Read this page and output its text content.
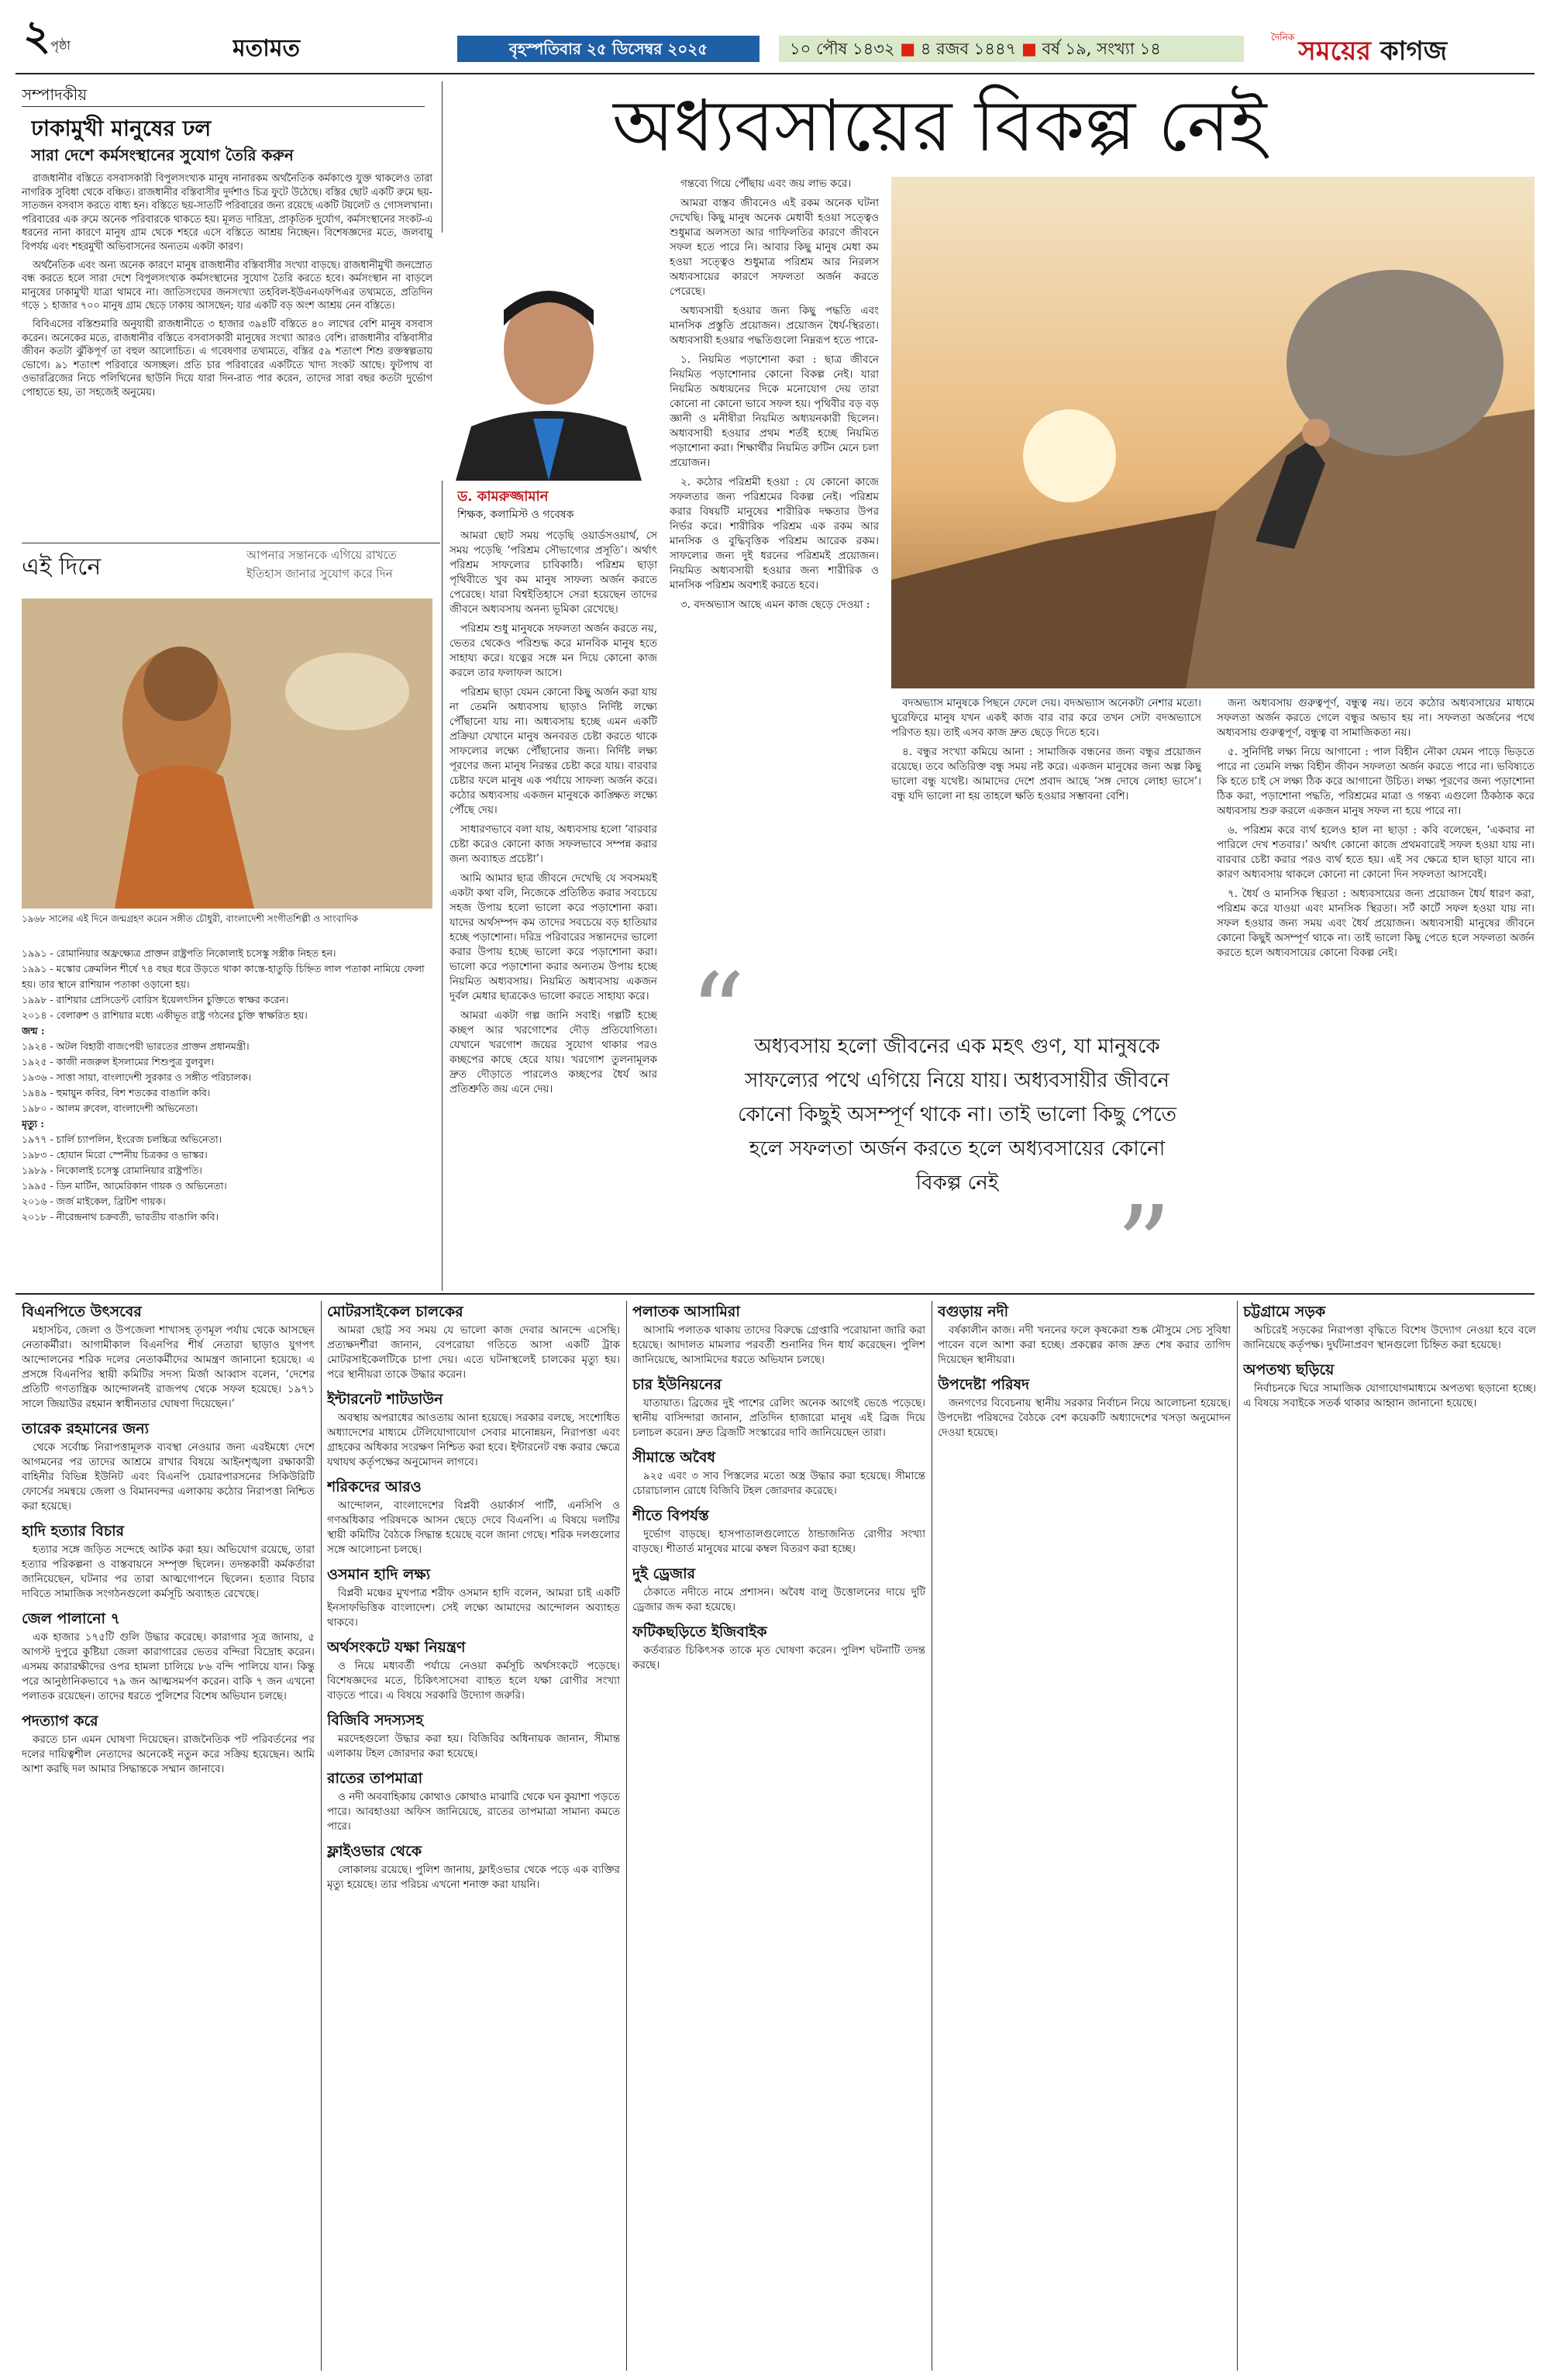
২পৃষ্ঠা	মতামত	বৃহস্পতিবার ২৫ ডিসেম্বর ২০২৫	১০ পৌষ ১৪৩২ ■ ৪ রজব ১৪৪৭ ■ বর্ষ ১৯, সংখ্যা ১৪
$^{দৈনিক}$ সময়ের কাগজ
সম্পাদকীয়
ঢাকামুখী মানুষের ঢল
সারা দেশে কর্মসংস্থানের সুযোগ তৈরি করুন

রাজধানীর বস্তিতে বসবাসকারী বিপুলসংখ্যক মানুষ নানারকম অর্থনৈতিক কর্মকাণ্ডে যুক্ত থাকলেও তারা নাগরিক সুবিধা থেকে বঞ্চিত। রাজধানীর বস্তিবাসীর দুর্দশাও চিত্র ফুটে উঠেছে। বস্তির ছোট একটি রুমে ছয়-সাতজন বসবাস করতে বাধ্য হন। বস্তিতে ছয়-সাতটি পরিবারের জন্য রয়েছে একটি টয়লেট ও গোসলখানা। পরিবারের এক রুমে অনেক পরিবারকে থাকতে হয়। মূলত দারিদ্র্য, প্রাকৃতিক দুর্যোগ, কর্মসংস্থানের সংকট-এ ধরনের নানা কারণে মানুষ গ্রাম থেকে শহরে এসে বস্তিতে আশ্রয় নিচ্ছেন। বিশেষজ্ঞদের মতে, জলবায়ু বিপর্যয় এবং শহরমুখী অভিবাসনের অন্যতম একটা কারণ।

অর্থনৈতিক এবং অন্য অনেক কারণে মানুষ রাজধানীর বস্তিবাসীর সংখ্যা বাড়ছে। রাজধানীমুখী জনস্রোত বন্ধ করতে হলে সারা দেশে বিপুলসংখ্যক কর্মসংস্থানের সুযোগ তৈরি করতে হবে। কর্মসংস্থান না বাড়লে মানুষের ঢাকামুখী যাত্রা থামবে না। জাতিসংঘের জনসংখ্যা তহবিল-ইউএনএফপিএর তথ্যমতে, প্রতিদিন গড়ে ১ হাজার ৭০০ মানুষ গ্রাম ছেড়ে ঢাকায় আসছেন; যার একটি বড় অংশ আশ্রয় নেন বস্তিতে।

বিবিএসের বস্তিশুমারি অনুযায়ী রাজধানীতে ৩ হাজার ৩৯৪টি বস্তিতে ৪০ লাখের বেশি মানুষ বসবাস করেন। অনেকের মতে, রাজধানীর বস্তিতে বসবাসকারী মানুষের সংখ্যা আরও বেশি। রাজধানীর বস্তিবাসীর জীবন কতটা ঝুঁকিপূর্ণ তা বহুল আলোচিত। এ গবেষণার তথ্যমতে, বস্তির ৫৯ শতাংশ শিশু রক্তস্বল্পতায় ভোগে। ৯১ শতাংশ পরিবারে অসচ্ছল। প্রতি চার পরিবারের একটিতে খাদ্য সংকট আছে। ফুটপাথ বা ওভারব্রিজের নিচে পলিথিনের ছাউনি দিয়ে যারা দিন-রাত পার করেন, তাদের সারা বছর কতটা দুর্ভোগ পোহাতে হয়, তা সহজেই অনুমেয়।

এই দিনে	আপনার সন্তানকে এগিয়ে রাখতে
ইতিহাস জানার সুযোগ করে দিন
১৯৬৮ সালের এই দিনে জন্মগ্রহণ করেন সঙ্গীত চৌধুরী, বাংলাদেশী সংগীতশিল্পী ও সাংবাদিক

১৯৯১ - রোমানিয়ার অফ্রক্ষ্যেত্র প্রাক্তন রাষ্ট্রপতি নিকোলাই চসেস্কু সস্ত্রীক নিহত হন।

১৯৯১ - মস্কোর ক্রেমলিন শীর্ষে ৭৪ বছর ধরে উড়তে থাকা কাস্তে-হাতুড়ি চিহ্নিত লাল পতাকা নামিয়ে ফেলা হয়। তার স্থানে রাশিয়ান পতাকা ওড়ানো হয়।

১৯৯৮ - রাশিয়ার প্রেসিডেন্ট বোরিস ইয়েলৎসিন চুক্তিতে স্বাক্ষর করেন।

২০১৪ - বেলারুশ ও রাশিয়ার মধ্যে একীভূত রাষ্ট্র গঠনের চুক্তি স্বাক্ষরিত হয়।

জন্ম :

১৯২৪ - অটল বিহারী বাজপেয়ী ভারতের প্রাক্তন প্রধানমন্ত্রী।

১৯২৫ - কাজী নজরুল ইসলামের শিশুপুত্র বুলবুল।

১৯৩৬ - সাত্তা সায়া, বাংলাদেশী সুরকার ও সঙ্গীত পরিচালক।

১৯৪৯ - হুমায়ুন কবির, বিশ শতকের বাঙালি কবি।

১৯৮০ - আলম রুবেল, বাংলাদেশী অভিনেতা।

মৃত্যু :

১৯৭৭ - চার্লি চ্যাপলিন, ইংরেজ চলচ্চিত্র অভিনেতা।

১৯৮৩ - হোয়ান মিরো স্পেনীয় চিত্রকর ও ভাস্কর।

১৯৮৯ - নিকোলাই চসেস্কু রোমানিয়ার রাষ্ট্রপতি।

১৯৯৫ - ডিন মার্টিন, আমেরিকান গায়ক ও অভিনেতা।

২০১৬ - জর্জ মাইকেল, ব্রিটিশ গায়ক।

২০১৮ - নীরেন্দ্রনাথ চক্রবর্তী, ভারতীয় বাঙালি কবি।

অধ্যবসায়ের বিকল্প নেই
ড. কামরুজ্জামান
শিক্ষক, কলামিস্ট ও গবেষক

আমরা ছোট সময় পড়েছি ওয়ার্ডসওয়ার্থ, সে সময় পড়েছি ‘পরিশ্রম সৌভাগ্যের প্রসূতি’। অর্থাৎ পরিশ্রম সাফল্যের চাবিকাঠি। পরিশ্রম ছাড়া পৃথিবীতে খুব কম মানুষ সাফল্য অর্জন করতে পেরেছে। যারা বিশ্বইতিহাসে সেরা হয়েছেন তাদের জীবনে অধ্যবসায় অনন্য ভূমিকা রেখেছে।

পরিশ্রম শুধু মানুষকে সফলতা অর্জন করতে নয়, ভেতর থেকেও পরিশুদ্ধ করে মানবিক মানুষ হতে সাহায্য করে। যত্নের সঙ্গে মন দিয়ে কোনো কাজ করলে তার ফলাফল আসে।

পরিশ্রম ছাড়া যেমন কোনো কিছু অর্জন করা যায় না তেমনি অধ্যবসায় ছাড়াও নির্দিষ্ট লক্ষ্যে পৌঁছানো যায় না। অধ্যবসায় হচ্ছে এমন একটি প্রক্রিয়া যেখানে মানুষ অনবরত চেষ্টা করতে থাকে সাফল্যের লক্ষ্যে পৌঁছানোর জন্য। নির্দিষ্ট লক্ষ্য পূরণের জন্য মানুষ নিরন্তর চেষ্টা করে যায়। বারবার চেষ্টার ফলে মানুষ এক পর্যায়ে সাফল্য অর্জন করে। কঠোর অধ্যবসায় একজন মানুষকে কাঙ্ক্ষিত লক্ষ্যে পৌঁছে দেয়।

সাধারণভাবে বলা যায়, অধ্যবসায় হলো ‘বারবার চেষ্টা করেও কোনো কাজ সফলভাবে সম্পন্ন করার জন্য অব্যাহত প্রচেষ্টা’।

আমি আমার ছাত্র জীবনে দেখেছি যে সবসময়ই একটা কথা বলি, নিজেকে প্রতিষ্ঠিত করার সবচেয়ে সহজ উপায় হলো ভালো করে পড়াশোনা করা। যাদের অর্থসম্পদ কম তাদের সবচেয়ে বড় হাতিয়ার হচ্ছে পড়াশোনা। দরিদ্র পরিবারের সন্তানদের ভালো করার উপায় হচ্ছে ভালো করে পড়াশোনা করা। ভালো করে পড়াশোনা করার অন্যতম উপায় হচ্ছে নিয়মিত অধ্যবসায়। নিয়মিত অধ্যবসায় একজন দুর্বল মেধার ছাত্রকেও ভালো করতে সাহায্য করে।

আমরা একটা গল্প জানি সবাই। গল্পটি হচ্ছে কচ্ছপ আর খরগোশের দৌড় প্রতিযোগিতা। যেখানে খরগোশ জয়ের সুযোগ থাকার পরও কচ্ছপের কাছে হেরে যায়। খরগোশ তুলনামূলক দ্রুত দৌড়াতে পারলেও কচ্ছপের ধৈর্য আর প্রতিশ্রুতি জয় এনে দেয়।

গন্তব্যে গিয়ে পৌঁছায় এবং জয় লাভ করে।

আমরা বাস্তব জীবনেও এই রকম অনেক ঘটনা দেখেছি। কিছু মানুষ অনেক মেধাবী হওয়া সত্ত্বেও শুধুমাত্র অলসতা আর গাফিলতির কারণে জীবনে সফল হতে পারে নি। আবার কিছু মানুষ মেধা কম হওয়া সত্ত্বেও শুধুমাত্র পরিশ্রম আর নিরলস অধ্যবসায়ের কারণে সফলতা অর্জন করতে পেরেছে।

অধ্যবসায়ী হওয়ার জন্য কিছু পদ্ধতি এবং মানসিক প্রস্তুতি প্রয়োজন। প্রয়োজন ধৈর্য-স্থিরতা। অধ্যবসায়ী হওয়ার পদ্ধতিগুলো নিম্নরূপ হতে পারে-

১. নিয়মিত পড়াশোনা করা : ছাত্র জীবনে নিয়মিত পড়াশোনার কোনো বিকল্প নেই। যারা নিয়মিত অধ্যয়নের দিকে মনোযোগ দেয় তারা কোনো না কোনো ভাবে সফল হয়। পৃথিবীর বড় বড় জ্ঞানী ও মনীষীরা নিয়মিত অধ্যয়নকারী ছিলেন। অধ্যবসায়ী হওয়ার প্রথম শর্তই হচ্ছে নিয়মিত পড়াশোনা করা। শিক্ষার্থীর নিয়মিত রুটিন মেনে চলা প্রয়োজন।

২. কঠোর পরিশ্রমী হওয়া : যে কোনো কাজে সফলতার জন্য পরিশ্রমের বিকল্প নেই। পরিশ্রম করার বিষয়টি মানুষের শারীরিক দক্ষতার উপর নির্ভর করে। শারীরিক পরিশ্রম এক রকম আর মানসিক ও বুদ্ধিবৃত্তিক পরিশ্রম আরেক রকম। সাফল্যের জন্য দুই ধরনের পরিশ্রমই প্রয়োজন। নিয়মিত অধ্যবসায়ী হওয়ার জন্য শারীরিক ও মানসিক পরিশ্রম অবশ্যই করতে হবে।

৩. বদঅভ্যাস আছে এমন কাজ ছেড়ে দেওয়া :

বদঅভ্যাস মানুষকে পিছনে ফেলে দেয়। বদঅভ্যাস অনেকটা নেশার মতো। ঘুরেফিরে মানুষ যখন একই কাজ বার বার করে তখন সেটা বদঅভ্যাসে পরিণত হয়। তাই এসব কাজ দ্রুত ছেড়ে দিতে হবে।

৪. বন্ধুর সংখ্যা কমিয়ে আনা : সামাজিক বন্ধনের জন্য বন্ধুর প্রয়োজন রয়েছে। তবে অতিরিক্ত বন্ধু সময় নষ্ট করে। একজন মানুষের জন্য অল্প কিছু ভালো বন্ধু যথেষ্ট। আমাদের দেশে প্রবাদ আছে ‘সঙ্গ দোষে লোহা ভাসে’। বন্ধু যদি ভালো না হয় তাহলে ক্ষতি হওয়ার সম্ভাবনা বেশি।

জন্য অধ্যবসায় গুরুত্বপূর্ণ, বন্ধুত্ব নয়। তবে কঠোর অধ্যবসায়ের মাধ্যমে সফলতা অর্জন করতে গেলে বন্ধুর অভাব হয় না। সফলতা অর্জনের পথে অধ্যবসায় গুরুত্বপূর্ণ, বন্ধুত্ব বা সামাজিকতা নয়।

৫. সুনির্দিষ্ট লক্ষ্য নিয়ে আগানো : পাল বিহীন নৌকা যেমন পাড়ে ভিড়তে পারে না তেমনি লক্ষ্য বিহীন জীবন সফলতা অর্জন করতে পারে না। ভবিষ্যতে কি হতে চাই সে লক্ষ্য ঠিক করে আগানো উচিত। লক্ষ্য পূরণের জন্য পড়াশোনা ঠিক করা, পড়াশোনা পদ্ধতি, পরিশ্রমের মাত্রা ও গন্তব্য এগুলো ঠিকঠাক করে অধ্যবসায় শুরু করলে একজন মানুষ সফল না হয়ে পারে না।

৬. পরিশ্রম করে ব্যর্থ হলেও হাল না ছাড়া : কবি বলেছেন, ‘একবার না পারিলে দেখ শতবার।’ অর্থাৎ কোনো কাজে প্রথমবারেই সফল হওয়া যায় না। বারবার চেষ্টা করার পরও ব্যর্থ হতে হয়। এই সব ক্ষেত্রে হাল ছাড়া যাবে না। কারণ অধ্যবসায় থাকলে কোনো না কোনো দিন সফলতা আসবেই।

৭. ধৈর্য ও মানসিক স্থিরতা : অধ্যবসায়ের জন্য প্রয়োজন ধৈর্য ধারণ করা, পরিশ্রম করে যাওয়া এবং মানসিক স্থিরতা। সর্ট কার্টে সফল হওয়া যায় না। সফল হওয়ার জন্য সময় এবং ধৈর্য প্রয়োজন। অধ্যবসায়ী মানুষের জীবনে কোনো কিছুই অসম্পূর্ণ থাকে না। তাই ভালো কিছু পেতে হলে সফলতা অর্জন করতে হলে অধ্যবসায়ের কোনো বিকল্প নেই।

“ অধ্যবসায় হলো জীবনের এক মহৎ গুণ, যা মানুষকে সাফল্যের পথে এগিয়ে নিয়ে যায়। অধ্যবসায়ীর জীবনে কোনো কিছুই অসম্পূর্ণ থাকে না। তাই ভালো কিছু পেতে হলে সফলতা অর্জন করতে হলে অধ্যবসায়ের কোনো বিকল্প নেই	”
বিএনপিতে উৎসবের

মহাসচিব, জেলা ও উপজেলা শাখাসহ তৃণমূল পর্যায় থেকে আসছেন নেতাকর্মীরা। আগামীকাল বিএনপির শীর্ষ নেতারা ছাড়াও যুগপৎ আন্দোলনের শরিক দলের নেতাকর্মীদের আমন্ত্রণ জানানো হয়েছে। এ প্রসঙ্গে বিএনপির স্থায়ী কমিটির সদস্য মির্জা আব্বাস বলেন, ‘দেশের প্রতিটি গণতান্ত্রিক আন্দোলনই রাজপথ থেকে সফল হয়েছে। ১৯৭১ সালে জিয়াউর রহমান স্বাধীনতার ঘোষণা দিয়েছেন।’

তারেক রহমানের জন্য

থেকে সর্বোচ্চ নিরাপত্তামূলক ব্যবস্থা নেওয়ার জন্য এরইমধ্যে দেশে আগমনের পর তাদের আশ্রমে রাখার বিষয়ে আইনশৃঙ্খলা রক্ষাকারী বাহিনীর বিভিন্ন ইউনিট এবং বিএনপি চেয়ারপারসনের সিকিউরিটি ফোর্সের সমন্বয়ে জেলা ও বিমানবন্দর এলাকায় কঠোর নিরাপত্তা নিশ্চিত করা হয়েছে।

হাদি হত্যার বিচার

হত্যার সঙ্গে জড়িত সন্দেহে আটক করা হয়। অভিযোগ রয়েছে, তারা হত্যার পরিকল্পনা ও বাস্তবায়নে সম্পৃক্ত ছিলেন। তদন্তকারী কর্মকর্তারা জানিয়েছেন, ঘটনার পর তারা আত্মগোপনে ছিলেন। হত্যার বিচার দাবিতে সামাজিক সংগঠনগুলো কর্মসূচি অব্যাহত রেখেছে।

জেল পালানো ৭

এক হাজার ১৭৫টি গুলি উদ্ধার করেছে। কারাগার সূত্র জানায়, ৫ আগস্ট দুপুরে কুষ্টিয়া জেলা কারাগারের ভেতর বন্দিরা বিদ্রোহ করেন। এসময় কারারক্ষীদের ওপর হামলা চালিয়ে ৮৬ বন্দি পালিয়ে যান। কিন্তু পরে আনুষ্ঠানিকভাবে ৭৯ জন আত্মসমর্পণ করেন। বাকি ৭ জন এখনো পলাতক রয়েছেন। তাদের ধরতে পুলিশের বিশেষ অভিযান চলছে।

পদত্যাগ করে

করতে চান এমন ঘোষণা দিয়েছেন। রাজনৈতিক পট পরিবর্তনের পর দলের দায়িত্বশীল নেতাদের অনেকেই নতুন করে সক্রিয় হয়েছেন। আমি আশা করছি দল আমার সিদ্ধান্তকে সম্মান জানাবে।

মোটরসাইকেল চালকের

আমরা ছোট্ট সব সময় যে ভালো কাজ দেবার আনন্দে এসেছি। প্রত্যক্ষদর্শীরা জানান, বেপরোয়া গতিতে আসা একটি ট্রাক মোটরসাইকেলটিকে চাপা দেয়। এতে ঘটনাস্থলেই চালকের মৃত্যু হয়। পরে স্থানীয়রা তাকে উদ্ধার করেন।

ইন্টারনেট শাটডাউন

অবস্থায় অপরাধের আওতায় আনা হয়েছে। সরকার বলছে, সংশোধিত অধ্যাদেশের মাধ্যমে টেলিযোগাযোগ সেবার মানোন্নয়ন, নিরাপত্তা এবং গ্রাহকের অধিকার সংরক্ষণ নিশ্চিত করা হবে। ইন্টারনেট বন্ধ করার ক্ষেত্রে যথাযথ কর্তৃপক্ষের অনুমোদন লাগবে।

শরিকদের আরও

আন্দোলন, বাংলাদেশের বিপ্লবী ওয়ার্কার্স পার্টি, এনসিপি ও গণঅধিকার পরিষদকে আসন ছেড়ে দেবে বিএনপি। এ বিষয়ে দলটির স্থায়ী কমিটির বৈঠকে সিদ্ধান্ত হয়েছে বলে জানা গেছে। শরিক দলগুলোর সঙ্গে আলোচনা চলছে।

ওসমান হাদি লক্ষ্য

বিপ্লবী মঞ্চের মুখপাত্র শরীফ ওসমান হাদি বলেন, আমরা চাই একটি ইনসাফভিত্তিক বাংলাদেশ। সেই লক্ষ্যে আমাদের আন্দোলন অব্যাহত থাকবে।

অর্থসংকটে যক্ষা নিয়ন্ত্রণ

ও নিয়ে মধ্যবর্তী পর্যায়ে নেওয়া কর্মসূচি অর্থসংকটে পড়েছে। বিশেষজ্ঞদের মতে, চিকিৎসাসেবা ব্যাহত হলে যক্ষা রোগীর সংখ্যা বাড়তে পারে। এ বিষয়ে সরকারি উদ্যোগ জরুরি।

বিজিবি সদস্যসহ

মরদেহগুলো উদ্ধার করা হয়। বিজিবির অধিনায়ক জানান, সীমান্ত এলাকায় টহল জোরদার করা হয়েছে।

রাতের তাপমাত্রা

ও নদী অববাহিকায় কোথাও কোথাও মাঝারি থেকে ঘন কুয়াশা পড়তে পারে। আবহাওয়া অফিস জানিয়েছে, রাতের তাপমাত্রা সামান্য কমতে পারে।

ফ্লাইওভার থেকে

লোকালয় রয়েছে। পুলিশ জানায়, ফ্লাইওভার থেকে পড়ে এক ব্যক্তির মৃত্যু হয়েছে। তার পরিচয় এখনো শনাক্ত করা যায়নি।

পলাতক আসামিরা

আসামি পলাতক থাকায় তাদের বিরুদ্ধে গ্রেপ্তারি পরোয়ানা জারি করা হয়েছে। আদালত মামলার পরবর্তী শুনানির দিন ধার্য করেছেন। পুলিশ জানিয়েছে, আসামিদের ধরতে অভিযান চলছে।

চার ইউনিয়নের

যাতায়াত। ব্রিজের দুই পাশের রেলিং অনেক আগেই ভেঙে পড়েছে। স্থানীয় বাসিন্দারা জানান, প্রতিদিন হাজারো মানুষ এই ব্রিজ দিয়ে চলাচল করেন। দ্রুত ব্রিজটি সংস্কারের দাবি জানিয়েছেন তারা।

সীমান্তে অবৈধ

৯২৫ এবং ৩ সাব পিস্তলের মতো অস্ত্র উদ্ধার করা হয়েছে। সীমান্তে চোরাচালান রোধে বিজিবি টহল জোরদার করেছে।

শীতে বিপর্যস্ত

দুর্ভোগ বাড়ছে। হাসপাতালগুলোতে ঠান্ডাজনিত রোগীর সংখ্যা বাড়ছে। শীতার্ত মানুষের মাঝে কম্বল বিতরণ করা হচ্ছে।

দুই ড্রেজার

ঠেকাতে নদীতে নামে প্রশাসন। অবৈধ বালু উত্তোলনের দায়ে দুটি ড্রেজার জব্দ করা হয়েছে।

ফটিকছড়িতে ইজিবাইক

কর্তব্যরত চিকিৎসক তাকে মৃত ঘোষণা করেন। পুলিশ ঘটনাটি তদন্ত করছে।

বগুড়ায় নদী

বর্ষকালীন কাজ। নদী খননের ফলে কৃষকেরা শুষ্ক মৌসুমে সেচ সুবিধা পাবেন বলে আশা করা হচ্ছে। প্রকল্পের কাজ দ্রুত শেষ করার তাগিদ দিয়েছেন স্থানীয়রা।

উপদেষ্টা পরিষদ

জনগণের বিবেচনায় স্থানীয় সরকার নির্বাচন নিয়ে আলোচনা হয়েছে। উপদেষ্টা পরিষদের বৈঠকে বেশ কয়েকটি অধ্যাদেশের খসড়া অনুমোদন দেওয়া হয়েছে।

চট্টগ্রামে সড়ক

অচিরেই সড়কের নিরাপত্তা বৃদ্ধিতে বিশেষ উদ্যোগ নেওয়া হবে বলে জানিয়েছে কর্তৃপক্ষ। দুর্ঘটনাপ্রবণ স্থানগুলো চিহ্নিত করা হয়েছে।

অপতথ্য ছড়িয়ে

নির্বাচনকে ঘিরে সামাজিক যোগাযোগমাধ্যমে অপতথ্য ছড়ানো হচ্ছে। এ বিষয়ে সবাইকে সতর্ক থাকার আহ্বান জানানো হয়েছে।
